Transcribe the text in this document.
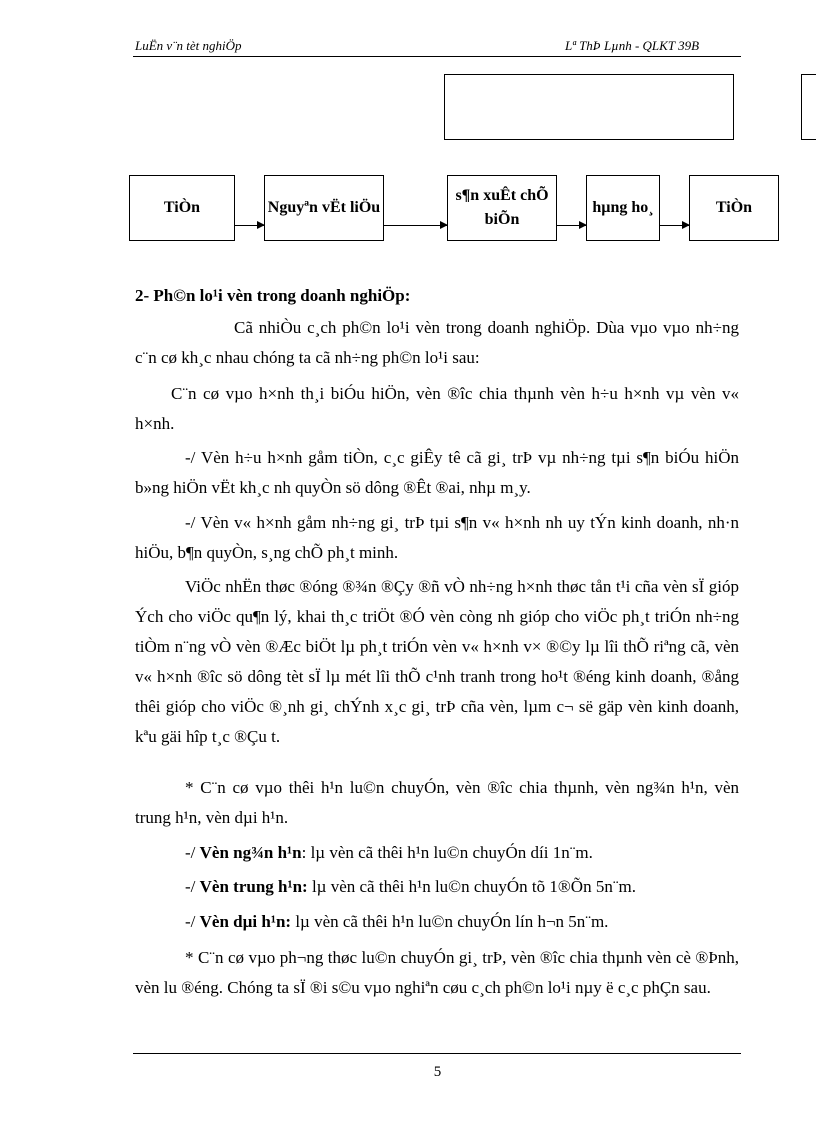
LuËn v¨n tèt nghiÖp	Lª ThÞ Lµnh - QLKT 39B
TiÒn	Nguyªn vËt liÖu
s¶n xuÊt chÕ biÕn
hµng ho¸	TiÒn
2- Ph©n lo¹i vèn trong doanh nghiÖp:

Cã nhiÒu c¸ch ph©n lo¹i vèn trong doanh nghiÖp. Dùa vµo vµo nh÷ng c¨n cø kh¸c nhau chóng ta cã nh÷ng ph©n lo¹i sau:

C¨n cø vµo h×nh th¸i biÓu hiÖn, vèn ®îc chia thµnh vèn h÷u h×nh vµ vèn v« h×nh.

-/ Vèn h÷u h×nh gåm tiÒn, c¸c giÊy tê cã gi¸ trÞ vµ nh÷ng tµi s¶n biÓu hiÖn b»ng hiÖn vËt kh¸c nh quyÒn sö dông ®Êt ®ai, nhµ m¸y.

-/ Vèn v« h×nh gåm nh÷ng gi¸ trÞ tµi s¶n v« h×nh nh uy tÝn kinh doanh, nh·n hiÖu, b¶n quyÒn, s¸ng chÕ ph¸t minh.

ViÖc nhËn thøc ®óng ®¾n ®Çy ®ñ vÒ nh÷ng h×nh thøc tån t¹i cña vèn sÏ gióp Ých cho viÖc qu¶n lý, khai th¸c triÖt ®Ó vèn còng nh gióp cho viÖc ph¸t triÓn nh÷ng tiÒm n¨ng vÒ vèn ®Æc biÖt lµ ph¸t triÓn vèn v« h×nh v× ®©y lµ lîi thÕ riªng cã, vèn v« h×nh ®îc sö dông tèt sÏ lµ mét lîi thÕ c¹nh tranh trong ho¹t ®éng kinh doanh, ®ång thêi gióp cho viÖc ®¸nh gi¸ chÝnh x¸c gi¸ trÞ cña vèn, lµm c¬ së gäp vèn kinh doanh, kªu gäi hîp t¸c ®Çu t.

* C¨n cø vµo thêi h¹n lu©n chuyÓn, vèn ®îc chia thµnh, vèn ng¾n h¹n, vèn trung h¹n, vèn dµi h¹n.

-/ Vèn ng¾n h¹n: lµ vèn cã thêi h¹n lu©n chuyÓn díi 1n¨m.

-/ Vèn trung h¹n: lµ vèn cã thêi h¹n lu©n chuyÓn tõ 1®Õn 5n¨m.

-/ Vèn dµi h¹n: lµ vèn cã thêi h¹n lu©n chuyÓn lín h¬n 5n¨m.

* C¨n cø vµo ph¬ng thøc lu©n chuyÓn gi¸ trÞ, vèn ®îc chia thµnh vèn cè ®Þnh, vèn lu ®éng. Chóng ta sÏ ®i s©u vµo nghiªn cøu c¸ch ph©n lo¹i nµy ë c¸c phÇn sau.

5
